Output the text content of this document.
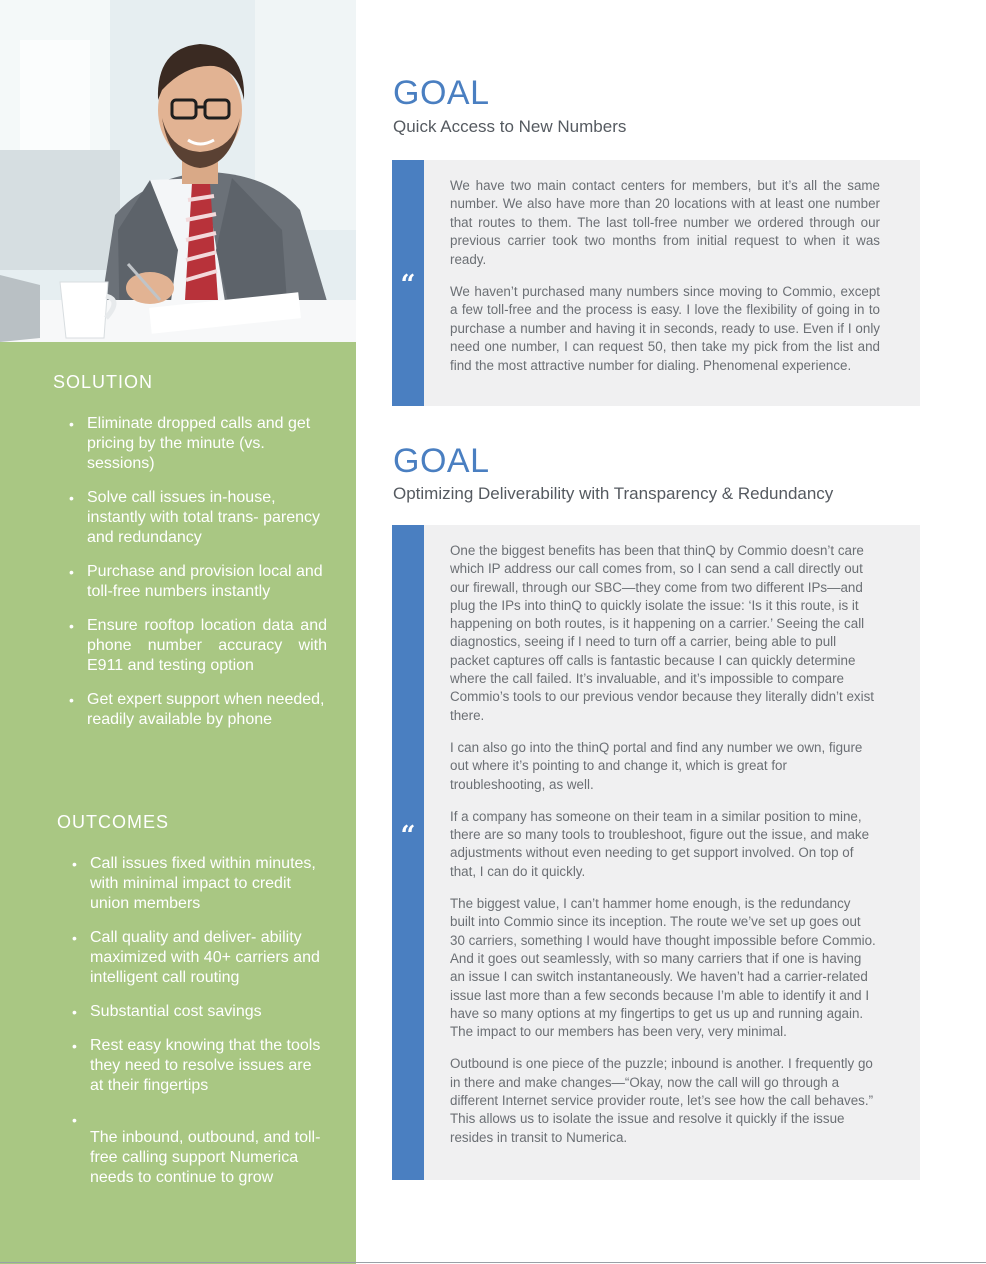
SOLUTION
• Eliminate dropped calls and get pricing by the minute (vs. sessions)
• Solve call issues in-house, instantly with total trans- parency and redundancy
• Purchase and provision local and toll-free numbers instantly
• Ensure rooftop location data and phone number accuracy with E911 and testing option
• Get expert support when needed, readily available by phone
OUTCOMES
• Call issues fixed within minutes, with minimal impact to credit union members
• Call quality and deliver- ability maximized with 40+ carriers and intelligent call routing
• Substantial cost savings
• Rest easy knowing that the tools they need to resolve issues are at their fingertips
• The inbound, outbound, and toll-free calling support Numerica needs to continue to grow
GOAL
Quick Access to New Numbers
“

We have two main contact centers for members, but it’s all the same number. We also have more than 20 locations with at least one number that routes to them. The last toll-free number we ordered through our previous carrier took two months from initial request to when it was ready.

We haven’t purchased many numbers since moving to Commio, except a few toll-free and the process is easy. I love the flexibility of going in to purchase a number and having it in seconds, ready to use. Even if I only need one number, I can request 50, then take my pick from the list and find the most attractive number for dialing. Phenomenal experience.

GOAL
Optimizing Deliverability with Transparency & Redundancy
“

One the biggest benefits has been that thinQ by Commio doesn’t care which IP address our call comes from, so I can send a call directly out our firewall, through our SBC—they come from two different IPs—and plug the IPs into thinQ to quickly isolate the issue: ‘Is it this route, is it happening on both routes, is it happening on a carrier.’ Seeing the call diagnostics, seeing if I need to turn off a carrier, being able to pull packet captures off calls is fantastic because I can quickly determine where the call failed. It’s invaluable, and it’s impossible to compare Commio’s tools to our previous vendor because they literally didn’t exist there.

I can also go into the thinQ portal and find any number we own, figure out where it’s pointing to and change it, which is great for troubleshooting, as well.

If a company has someone on their team in a similar position to mine, there are so many tools to troubleshoot, figure out the issue, and make adjustments without even needing to get support involved. On top of that, I can do it quickly.

The biggest value, I can’t hammer home enough, is the redundancy built into Commio since its inception. The route we’ve set up goes out 30 carriers, something I would have thought impossible before Commio. And it goes out seamlessly, with so many carriers that if one is having an issue I can switch instantaneously. We haven’t had a carrier-related issue last more than a few seconds because I’m able to identify it and I have so many options at my fingertips to get us up and running again. The impact to our members has been very, very minimal.

Outbound is one piece of the puzzle; inbound is another. I frequently go in there and make changes—“Okay, now the call will go through a different Internet service provider route, let’s see how the call behaves.” This allows us to isolate the issue and resolve it quickly if the issue resides in transit to Numerica.
